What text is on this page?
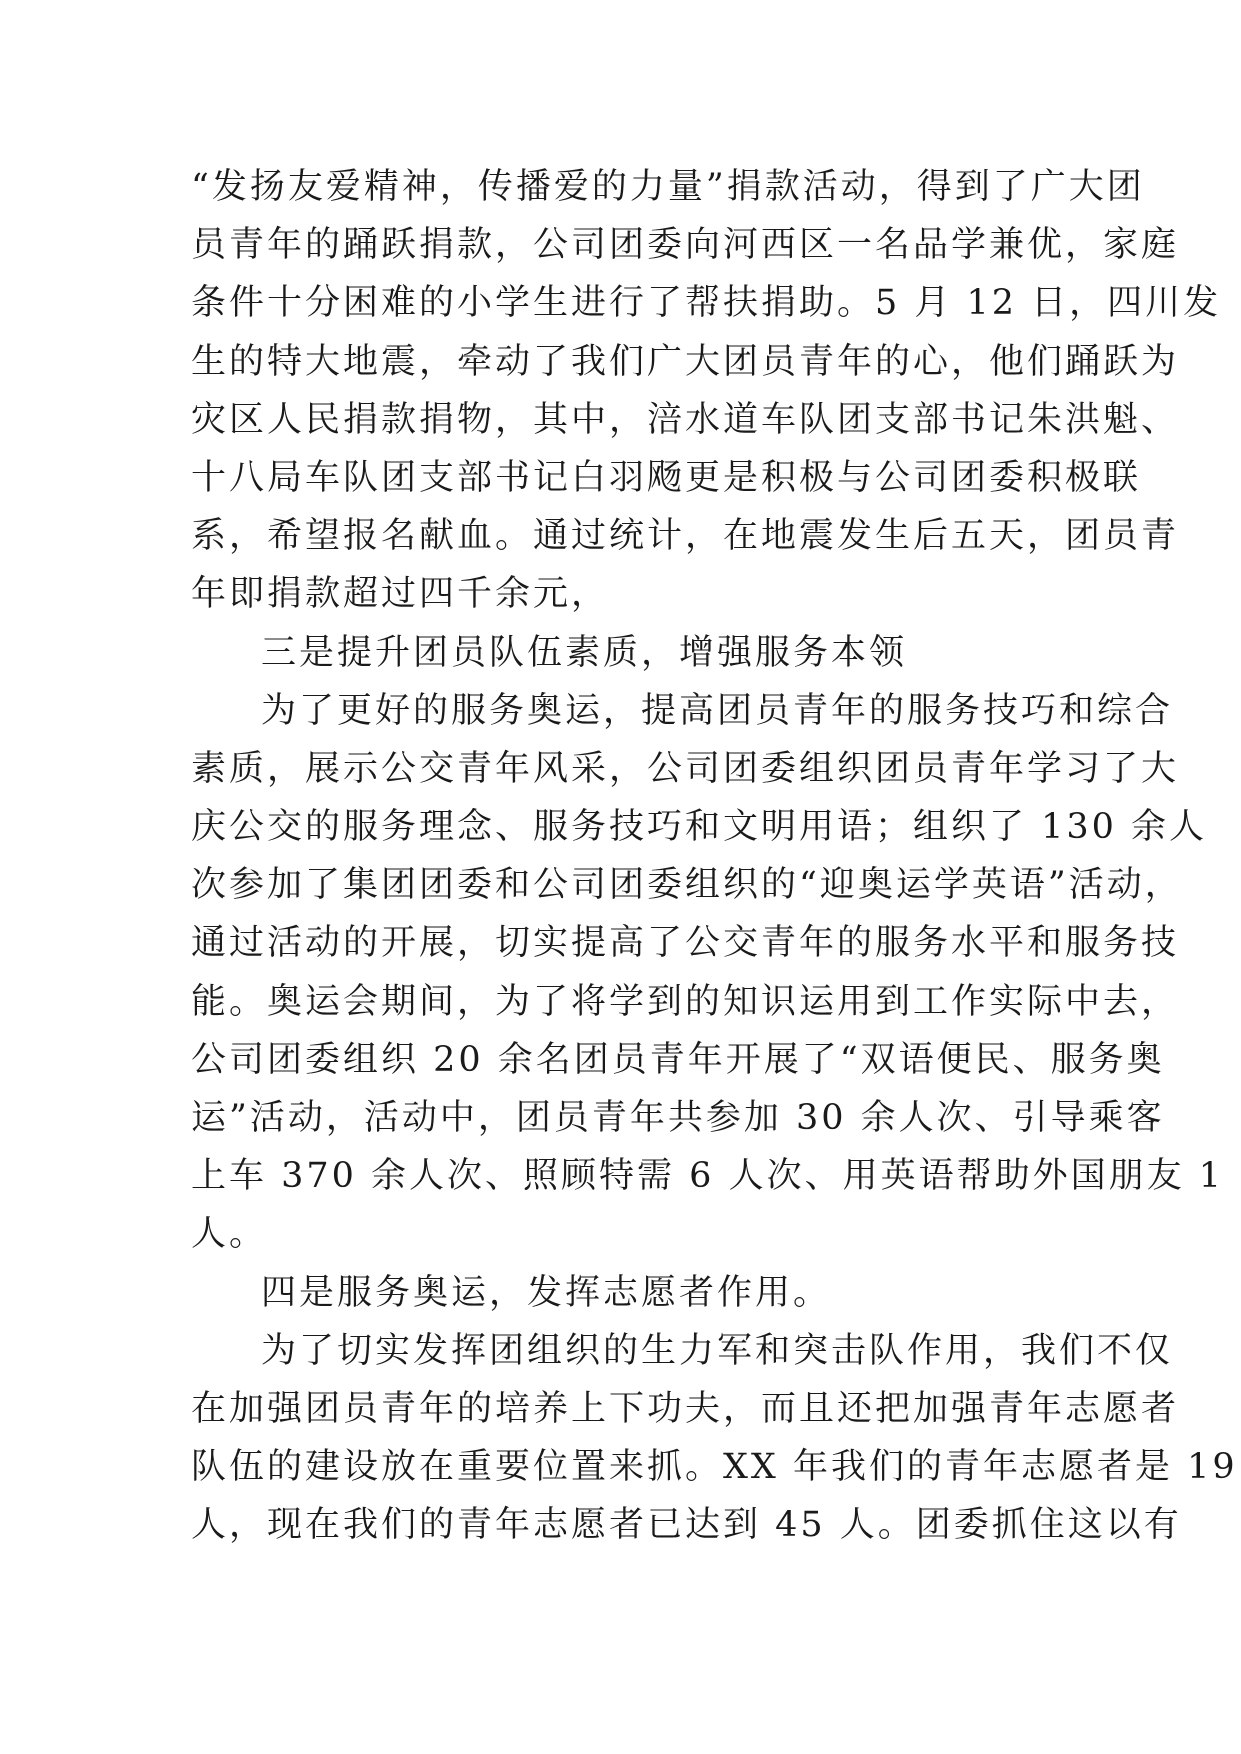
“发扬友爱精神，传播爱的力量”捐款活动，得到了广大团
员青年的踊跃捐款，公司团委向河西区一名品学兼优，家庭
条件十分困难的小学生进行了帮扶捐助。5 月 12 日，四川发
生的特大地震，牵动了我们广大团员青年的心，他们踊跃为
灾区人民捐款捐物，其中，涪水道车队团支部书记朱洪魁、
十八局车队团支部书记白羽飏更是积极与公司团委积极联
系，希望报名献血。通过统计，在地震发生后五天，团员青
年即捐款超过四千余元，
三是提升团员队伍素质，增强服务本领
为了更好的服务奥运，提高团员青年的服务技巧和综合
素质，展示公交青年风采，公司团委组织团员青年学习了大
庆公交的服务理念、服务技巧和文明用语；组织了 130 余人
次参加了集团团委和公司团委组织的“迎奥运学英语”活动，
通过活动的开展，切实提高了公交青年的服务水平和服务技
能。奥运会期间，为了将学到的知识运用到工作实际中去，
公司团委组织 20 余名团员青年开展了“双语便民、服务奥
运”活动，活动中，团员青年共参加 30 余人次、引导乘客
上车 370 余人次、照顾特需 6 人次、用英语帮助外国朋友 1
人。
四是服务奥运，发挥志愿者作用。
为了切实发挥团组织的生力军和突击队作用，我们不仅
在加强团员青年的培养上下功夫，而且还把加强青年志愿者
队伍的建设放在重要位置来抓。XX 年我们的青年志愿者是 19
人，现在我们的青年志愿者已达到 45 人。团委抓住这以有
